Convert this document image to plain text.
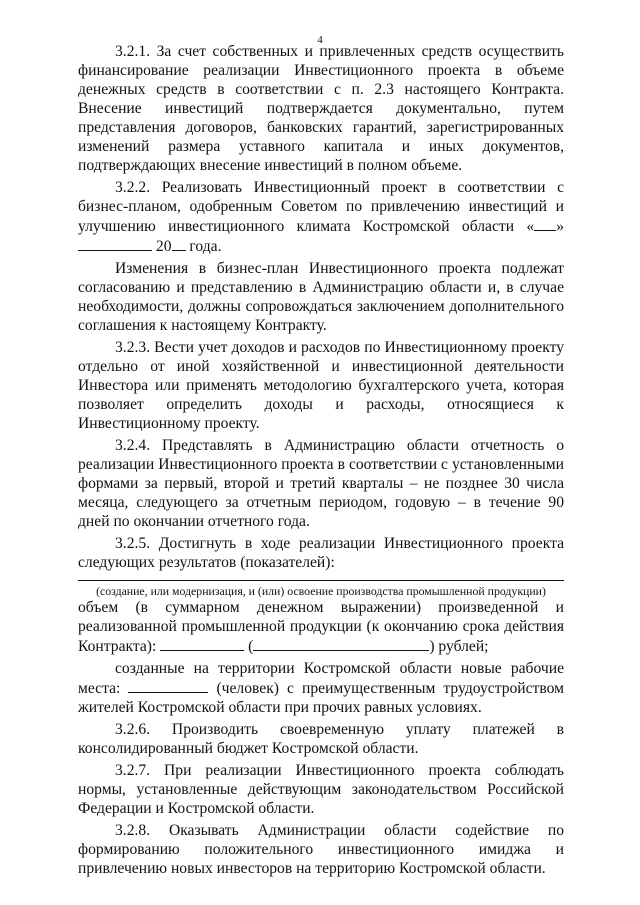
4

3.2.1. За счет собственных и привлеченных средств осуществить финансирование реализации Инвестиционного проекта в объеме денежных средств в соответствии с п. 2.3 настоящего Контракта. Внесение инвестиций подтверждается документально, путем представления договоров, банковских гарантий, зарегистрированных изменений размера уставного капитала и иных документов, подтверждающих внесение инвестиций в полном объеме.

3.2.2. Реализовать Инвестиционный проект в соответствии с бизнес-планом, одобренным Советом по привлечению инвестиций и улучшению инвестиционного климата Костромской области « »  20 года.

Изменения в бизнес-план Инвестиционного проекта подлежат согласованию и представлению в Администрацию области и, в случае необходимости, должны сопровождаться заключением дополнительного соглашения к настоящему Контракту.

3.2.3. Вести учет доходов и расходов по Инвестиционному проекту отдельно от иной хозяйственной и инвестиционной деятельности Инвестора или применять методологию бухгалтерского учета, которая позволяет определить доходы и расходы, относящиеся к Инвестиционному проекту.

3.2.4. Представлять в Администрацию области отчетность о реализации Инвестиционного проекта в соответствии с установленными формами за первый, второй и третий кварталы – не позднее 30 числа месяца, следующего за отчетным периодом, годовую – в течение 90 дней по окончании отчетного года.

3.2.5. Достигнуть в ходе реализации Инвестиционного проекта следующих результатов (показателей):

(создание, или модернизация, и (или) освоение производства промышленной продукции)

объем (в суммарном денежном выражении) произведенной и реализованной промышленной продукции (к окончанию срока действия Контракта):	(	) рублей;

созданные на территории Костромской области новые рабочие места:	(человек) с преимущественным трудоустройством жителей Костромской области при прочих равных условиях.

3.2.6. Производить своевременную уплату платежей в консолидированный бюджет Костромской области.

3.2.7. При реализации Инвестиционного проекта соблюдать нормы, установленные действующим законодательством Российской Федерации и Костромской области.

3.2.8. Оказывать Администрации области содействие по формированию положительного инвестиционного имиджа и привлечению новых инвесторов на территорию Костромской области.
